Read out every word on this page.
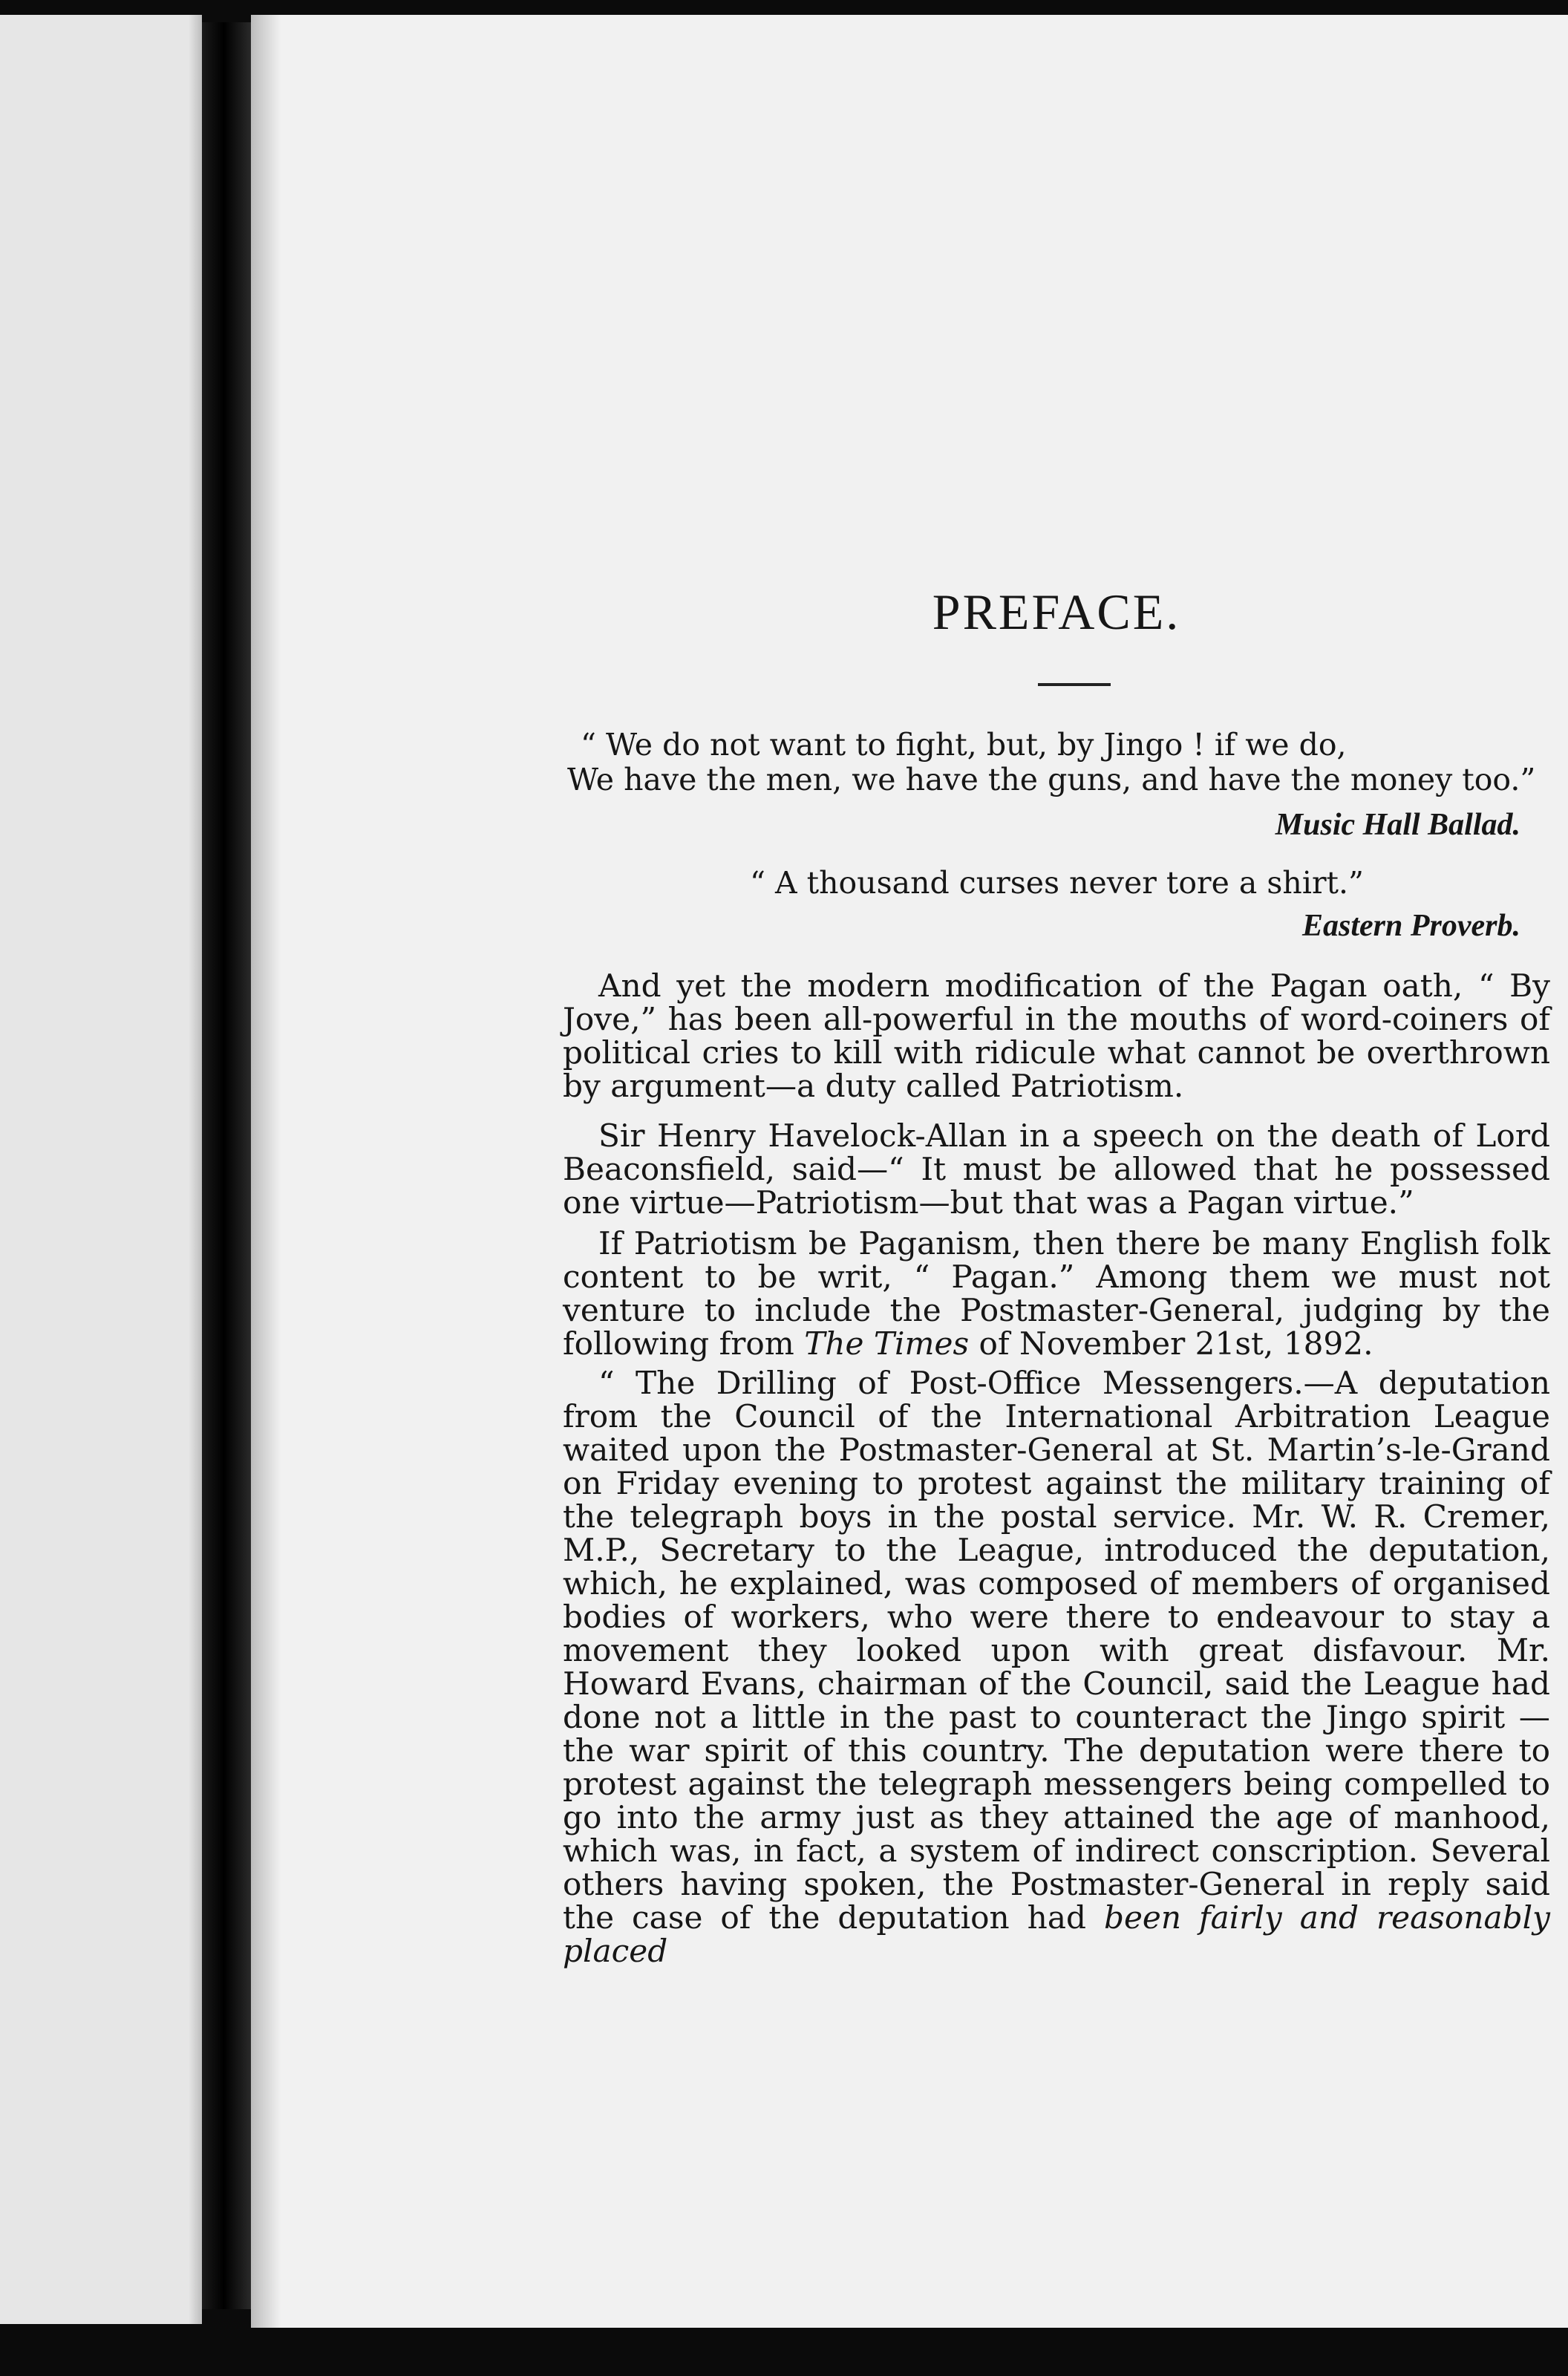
PREFACE.
“ We do not want to fight, but, by Jingo ! if we do,
We have the men, we have the guns, and have the money too.”
Music Hall Ballad.
“ A thousand curses never tore a shirt.”
Eastern Proverb.

And yet the modern modification of the Pagan oath, “ By Jove,” has been all-powerful in the mouths of word-coiners of political cries to kill with ridicule what cannot be overthrown by argument—a duty called Patriotism.

Sir Henry Havelock-Allan in a speech on the death of Lord Beaconsfield, said—“ It must be allowed that he possessed one virtue—Patriotism—but that was a Pagan virtue.”

If Patriotism be Paganism, then there be many English folk content to be writ, “ Pagan.” Among them we must not venture to include the Postmaster-General, judging by the following from The Times of November 21st, 1892.

“ The Drilling of Post-Office Messengers.—A deputation from the Council of the International Arbitration League waited upon the Postmaster-General at St. Martin’s-le-Grand on Friday evening to protest against the military training of the telegraph boys in the postal service. Mr. W. R. Cremer, M.P., Secretary to the League, introduced the deputation, which, he explained, was composed of members of organised bodies of workers, who were there to endeavour to stay a movement they looked upon with great disfavour. Mr. Howard Evans, chairman of the Council, said the League had done not a little in the past to counteract the Jingo spirit —the war spirit of this country. The deputation were there to protest against the telegraph messengers being compelled to go into the army just as they attained the age of manhood, which was, in fact, a system of indirect conscription. Several others having spoken, the Postmaster-General in reply said the case of the deputation had been fairly and reasonably placed
